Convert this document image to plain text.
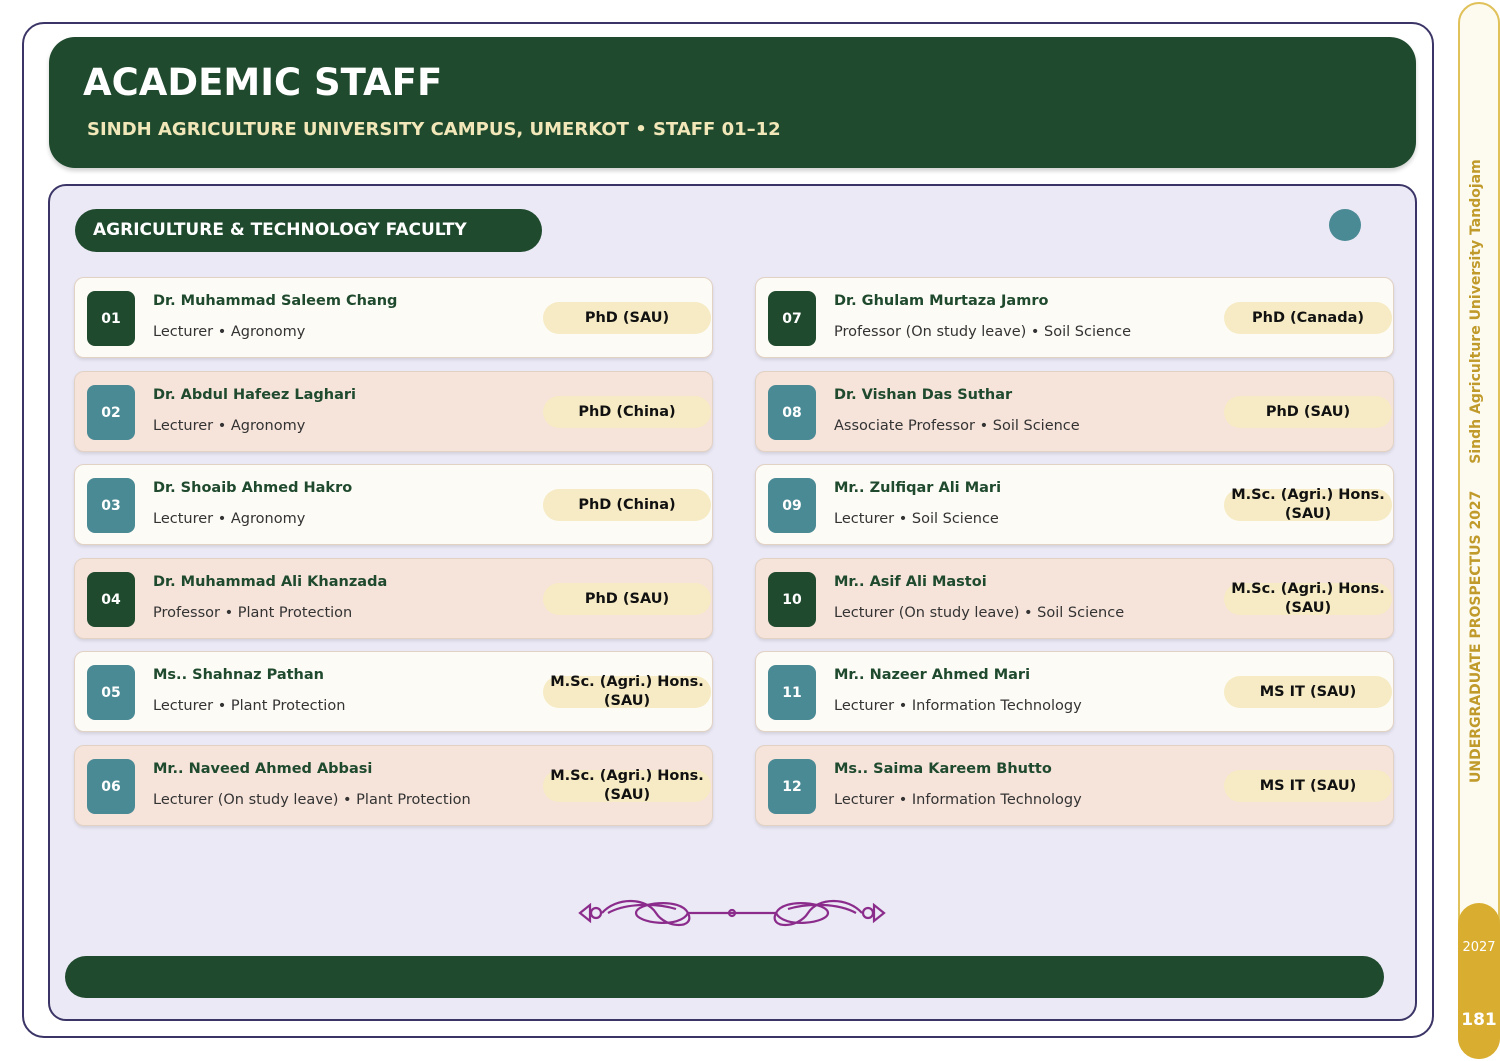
ACADEMIC STAFF
SINDH AGRICULTURE UNIVERSITY CAMPUS, UMERKOT • STAFF 01–12
AGRICULTURE & TECHNOLOGY FACULTY
01
Dr. Muhammad Saleem Chang
Lecturer • Agronomy
PhD (SAU)
02
Dr. Abdul Hafeez Laghari
Lecturer • Agronomy
PhD (China)
03
Dr. Shoaib Ahmed Hakro
Lecturer • Agronomy
PhD (China)
04
Dr. Muhammad Ali Khanzada
Professor • Plant Protection
PhD (SAU)
05
Ms.. Shahnaz Pathan
Lecturer • Plant Protection
M.Sc. (Agri.) Hons. (SAU)
06
Mr.. Naveed Ahmed Abbasi
Lecturer (On study leave) • Plant Protection
M.Sc. (Agri.) Hons. (SAU)
07
Dr. Ghulam Murtaza Jamro
Professor (On study leave) • Soil Science
PhD (Canada)
08
Dr. Vishan Das Suthar
Associate Professor • Soil Science
PhD (SAU)
09
Mr.. Zulfiqar Ali Mari
Lecturer • Soil Science
M.Sc. (Agri.) Hons. (SAU)
10
Mr.. Asif Ali Mastoi
Lecturer (On study leave) • Soil Science
M.Sc. (Agri.) Hons. (SAU)
11
Mr.. Nazeer Ahmed Mari
Lecturer • Information Technology
MS IT (SAU)
12
Ms.. Saima Kareem Bhutto
Lecturer • Information Technology
MS IT (SAU)
UNDERGRADUATE PROSPECTUS 2027 Sindh Agriculture University Tandojam
2027
181
